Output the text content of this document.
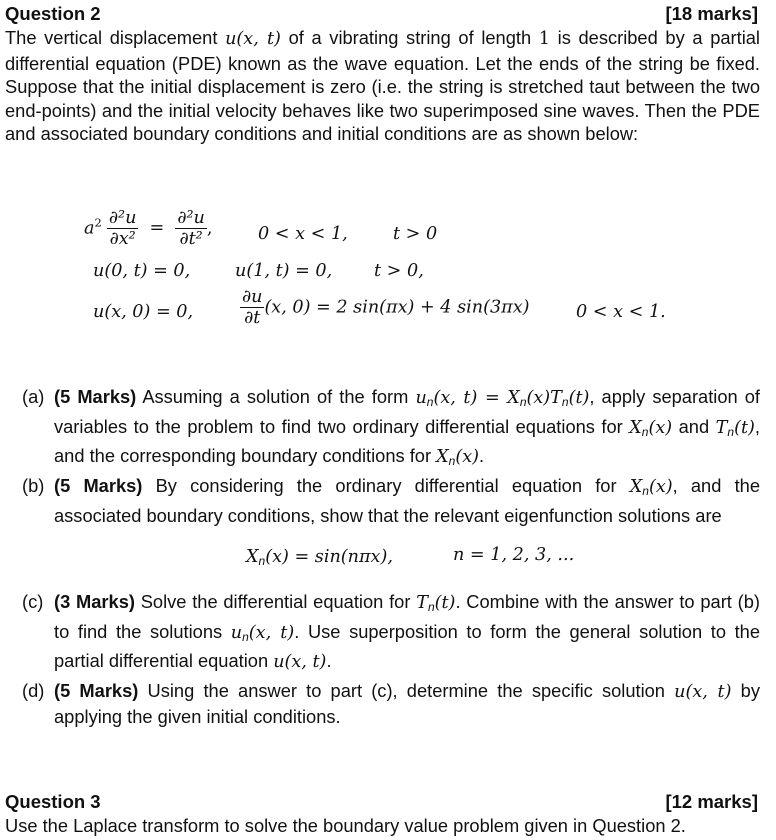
Question 2	[18 marks]
The vertical displacement u(x, t) of a vibrating string of length 1 is described by a partial differential equation (PDE) known as the wave equation. Let the ends of the string be fixed. Suppose that the initial displacement is zero (i.e. the string is stretched taut between the two end-points) and the initial velocity behaves like two superimposed sine waves. Then the PDE and associated boundary conditions and initial conditions are as shown below:
$a^2 \frac{\text{∂²u}}{\text{∂x²}} = \frac{\text{∂²u}}{\text{∂t²}}$ ,	0 < x < 1,	t > 0
u(0, t) = 0,	u(1, t) = 0, t > 0,
u(x, 0) = 0,	$\frac{\partial u}{\partial t} (x$, 0) = 2 sin(πx) + 4 sin(3πx)	0 < x < 1.
(a) (5 Marks) Assuming a solution of the form $u_n(x$, $t) = X_n(x)T_n(t)$, apply separation of variables to the problem to find two ordinary differential equations for $X_n(x)$ and $T_n(t)$, and the corresponding boundary conditions for $X_n(x)$.
(b) (5 Marks) By considering the ordinary differential equation for $X_n(x)$, and the associated boundary conditions, show that the relevant eigenfunction solutions are
$X_n(x) = \sin(n\pi x)$,	n = 1, 2, 3, ...
(c) (3 Marks) Solve the differential equation for $T_n(t)$. Combine with the answer to part (b) to find the solutions $u_n(x$, t). Use superposition to form the general solution to the partial differential equation u(x, t).
(d) (5 Marks) Using the answer to part (c), determine the specific solution u(x, t) by applying the given initial conditions.
Question 3	[12 marks]
Use the Laplace transform to solve the boundary value problem given in Question 2.
